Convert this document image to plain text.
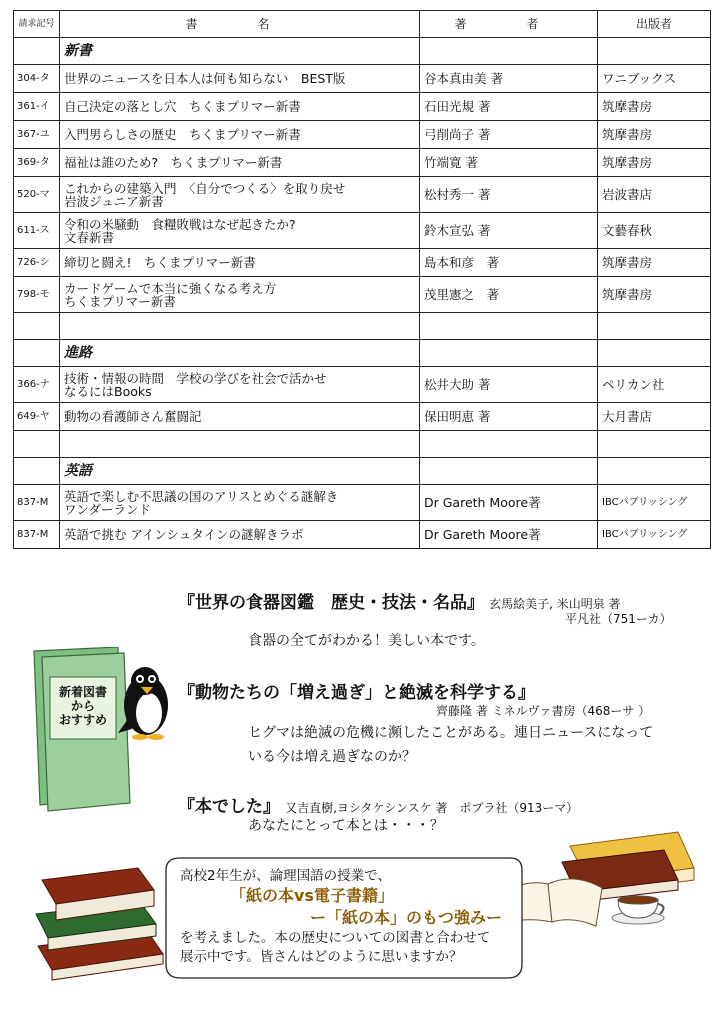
請求記号	書　名	著　者	出版者
	新書		
304-タ	世界のニュースを日本人は何も知らない　BEST版	谷本真由美 著	ワニブックス
361-イ	自己決定の落とし穴　ちくまプリマー新書	石田光規 著	筑摩書房
367-ユ	入門男らしさの歴史　ちくまプリマー新書	弓削尚子 著	筑摩書房
369-タ	福祉は誰のため?　ちくまプリマー新書	竹端寛 著	筑摩書房
520-マ	これからの建築入門　〈自分でつくる〉を取り戻せ
岩波ジュニア新書	松村秀一 著	岩波書店
611-ス	令和の米騒動　食糧敗戦はなぜ起きたか?
文春新書	鈴木宣弘 著	文藝春秋
726-シ	締切と闘え!　ちくまプリマー新書	島本和彦　著	筑摩書房
798-モ	カードゲームで本当に強くなる考え方
ちくまプリマー新書	茂里憲之　著	筑摩書房

	進路		
366-ナ	技術・情報の時間　学校の学びを社会で活かせ
なるにはBooks	松井大助 著	ペリカン社
649-ヤ	動物の看護師さん奮闘記	保田明恵 著	大月書店

	英語		
837-M	英語で楽しむ不思議の国のアリスとめぐる謎解き
ワンダーランド	Dr Gareth Moore著	IBCパブリッシング
837-M	英語で挑む アインシュタインの謎解きラボ	Dr Gareth Moore著	IBCパブリッシング
『世界の食器図鑑　歴史・技法・名品』 玄馬絵美子, 米山明泉 著
平凡社（751ーカ）
食器の全てがわかる！美しい本です。
『動物たちの「増え過ぎ」と絶滅を科学する』
齊藤隆 著 ミネルヴァ書房（468ーサ ）
ヒグマは絶滅の危機に瀕したことがある。連日ニュースになって
いる今は増え過ぎなのか？
『本でした』 又吉直樹,ヨシタケシンスケ 著　ポプラ社（913ーマ）
あなたにとって本とは・・・？
新着図書
から
おすすめ
高校2年生が、論理国語の授業で、
「紙の本vs電子書籍」
ー「紙の本」のもつ強みー
を考えました。本の歴史についての図書と合わせて
展示中です。皆さんはどのように思いますか？
